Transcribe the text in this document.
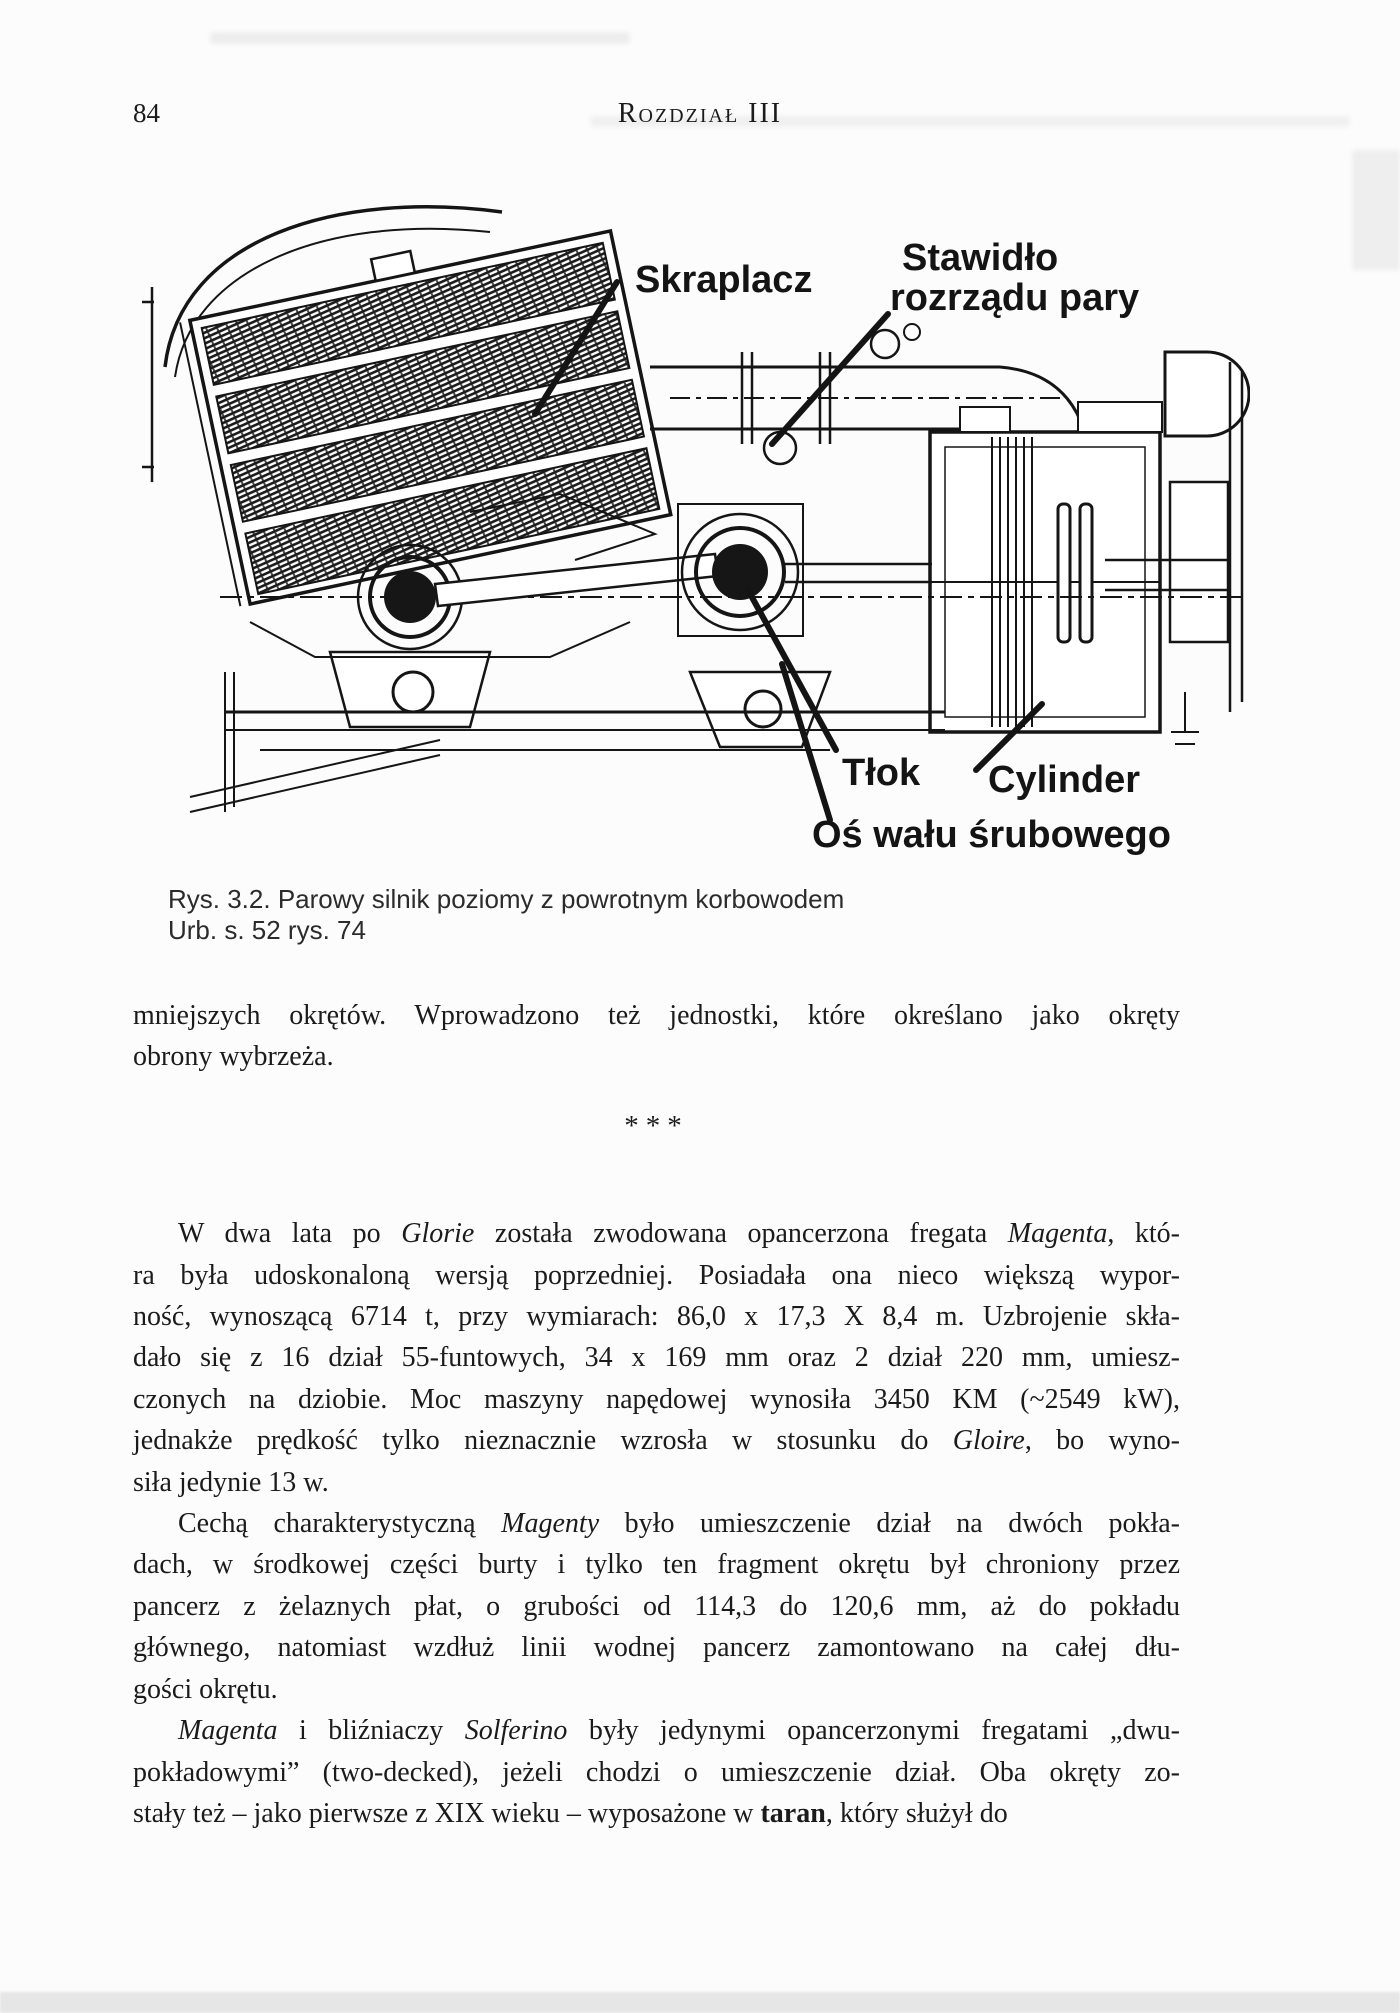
84	Rozdział III
Skraplacz
Stawidło
rozrządu pary
Tłok Cylinder
Oś wału śrubowego
Rys. 3.2. Parowy silnik poziomy z powrotnym korbowodem
Urb. s. 52 rys. 74
mniejszych okrętów. Wprowadzono też jednostki, które określano jako okręty
obrony wybrzeża.
***
W dwa lata po Glorie została zwodowana opancerzona fregata Magenta, któ-
ra była udoskonaloną wersją poprzedniej. Posiadała ona nieco większą wypor-
ność, wynoszącą 6714 t, przy wymiarach: 86,0 x 17,3 X 8,4 m. Uzbrojenie skła-
dało się z 16 dział 55-funtowych, 34 x 169 mm oraz 2 dział 220 mm, umiesz-
czonych na dziobie. Moc maszyny napędowej wynosiła 3450 KM (~2549 kW),
jednakże prędkość tylko nieznacznie wzrosła w stosunku do Gloire, bo wyno-
siła jedynie 13 w.
Cechą charakterystyczną Magenty było umieszczenie dział na dwóch pokła-
dach, w środkowej części burty i tylko ten fragment okrętu był chroniony przez
pancerz z żelaznych płat, o grubości od 114,3 do 120,6 mm, aż do pokładu
głównego, natomiast wzdłuż linii wodnej pancerz zamontowano na całej dłu-
gości okrętu.
Magenta i bliźniaczy Solferino były jedynymi opancerzonymi fregatami „dwu-
pokładowymi” (two-decked), jeżeli chodzi o umieszczenie dział. Oba okręty zo-
stały też – jako pierwsze z XIX wieku – wyposażone w taran, który służył do
